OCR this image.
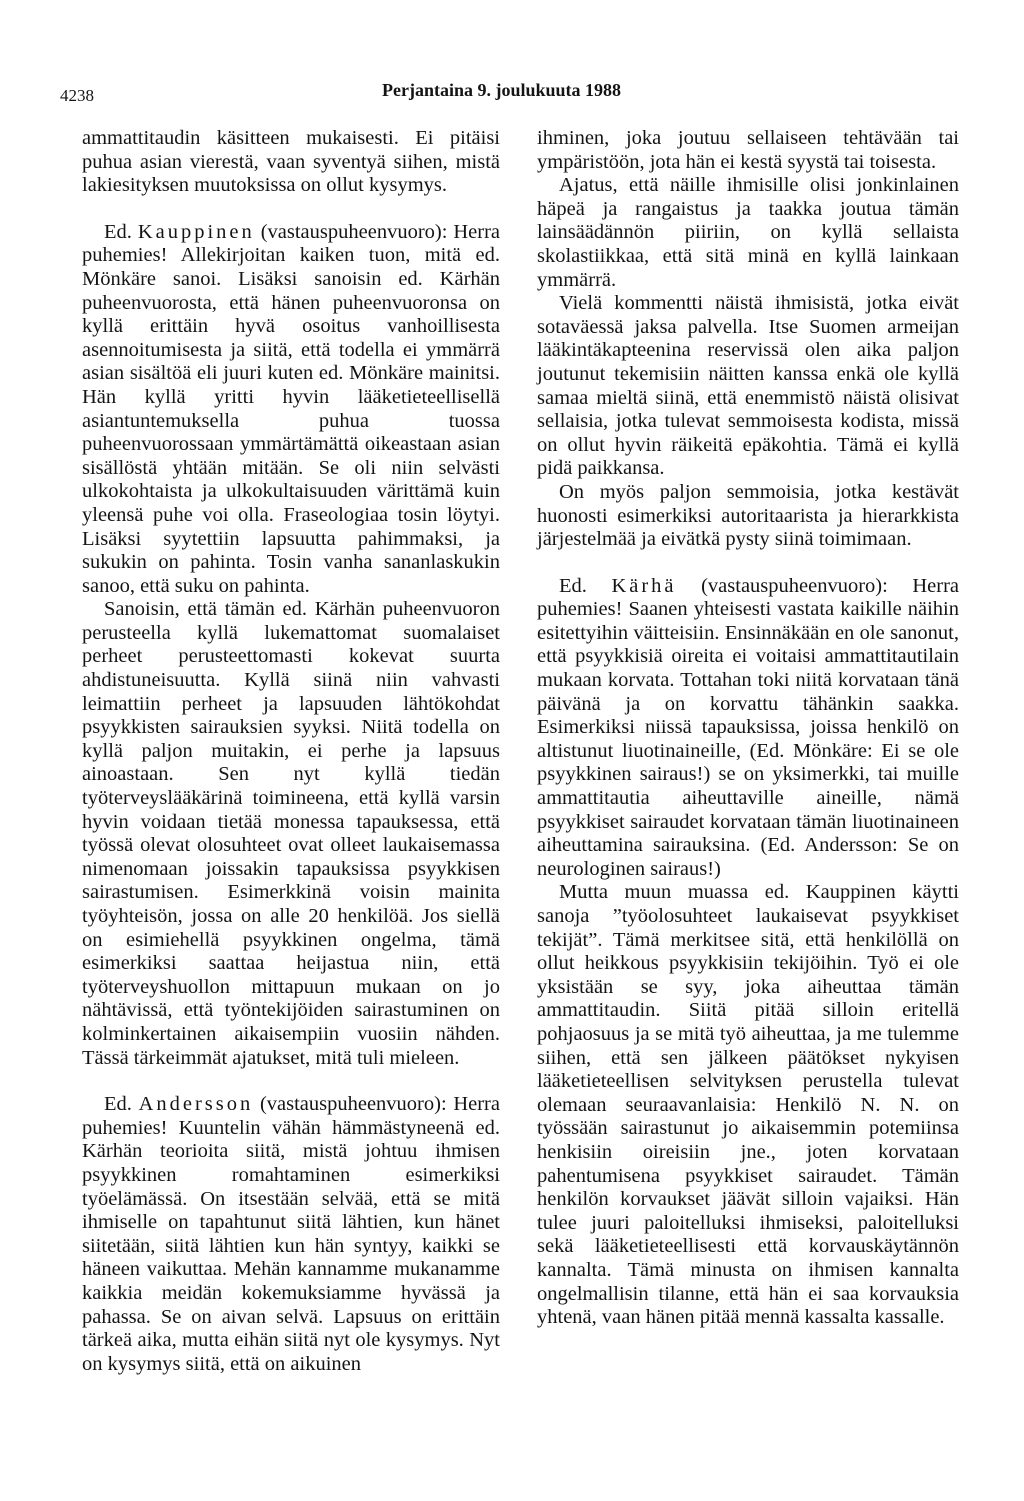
4238	Perjantaina 9. joulukuuta 1988

ammattitaudin käsitteen mukaisesti. Ei pitäisi puhua asian vierestä, vaan syventyä siihen, mistä lakiesityksen muutoksissa on ollut kysymys.

Ed. Kauppinen (vastauspuheenvuoro): Herra puhemies! Allekirjoitan kaiken tuon, mitä ed. Mönkäre sanoi. Lisäksi sanoisin ed. Kärhän puheenvuorosta, että hänen puheenvuoronsa on kyllä erittäin hyvä osoitus vanhoillisesta asennoitumisesta ja siitä, että todella ei ymmärrä asian sisältöä eli juuri kuten ed. Mönkäre mainitsi. Hän kyllä yritti hyvin lääketieteellisellä asiantuntemuksella puhua tuossa puheenvuorossaan ymmärtämättä oikeastaan asian sisällöstä yhtään mitään. Se oli niin selvästi ulkokohtaista ja ulkokultaisuuden värittämä kuin yleensä puhe voi olla. Fraseologiaa tosin löytyi. Lisäksi syytettiin lapsuutta pahimmaksi, ja sukukin on pahinta. Tosin vanha sananlaskukin sanoo, että suku on pahinta.

Sanoisin, että tämän ed. Kärhän puheenvuoron perusteella kyllä lukemattomat suomalaiset perheet perusteettomasti kokevat suurta ahdistuneisuutta. Kyllä siinä niin vahvasti leimattiin perheet ja lapsuuden lähtökohdat psyykkisten sairauksien syyksi. Niitä todella on kyllä paljon muitakin, ei perhe ja lapsuus ainoastaan. Sen nyt kyllä tiedän työterveyslääkärinä toimineena, että kyllä varsin hyvin voidaan tietää monessa tapauksessa, että työssä olevat olosuhteet ovat olleet laukaisemassa nimenomaan joissakin tapauksissa psyykkisen sairastumisen. Esimerkkinä voisin mainita työyhteisön, jossa on alle 20 henkilöä. Jos siellä on esimiehellä psyykkinen ongelma, tämä esimerkiksi saattaa heijastua niin, että työterveyshuollon mittapuun mukaan on jo nähtävissä, että työntekijöiden sairastuminen on kolminkertainen aikaisempiin vuosiin nähden. Tässä tärkeimmät ajatukset, mitä tuli mieleen.

Ed. Andersson (vastauspuheenvuoro): Herra puhemies! Kuuntelin vähän hämmästyneenä ed. Kärhän teorioita siitä, mistä johtuu ihmisen psyykkinen romahtaminen esimerkiksi työelämässä. On itsestään selvää, että se mitä ihmiselle on tapahtunut siitä lähtien, kun hänet siitetään, siitä lähtien kun hän syntyy, kaikki se häneen vaikuttaa. Mehän kannamme mukanamme kaikkia meidän kokemuksiamme hyvässä ja pahassa. Se on aivan selvä. Lapsuus on erittäin tärkeä aika, mutta eihän siitä nyt ole kysymys. Nyt on kysymys siitä, että on aikuinen

ihminen, joka joutuu sellaiseen tehtävään tai ympäristöön, jota hän ei kestä syystä tai toisesta.

Ajatus, että näille ihmisille olisi jonkinlainen häpeä ja rangaistus ja taakka joutua tämän lainsäädännön piiriin, on kyllä sellaista skolastiikkaa, että sitä minä en kyllä lainkaan ymmärrä.

Vielä kommentti näistä ihmisistä, jotka eivät sotaväessä jaksa palvella. Itse Suomen armeijan lääkintäkapteenina reservissä olen aika paljon joutunut tekemisiin näitten kanssa enkä ole kyllä samaa mieltä siinä, että enemmistö näistä olisivat sellaisia, jotka tulevat semmoisesta kodista, missä on ollut hyvin räikeitä epäkohtia. Tämä ei kyllä pidä paikkansa.

On myös paljon semmoisia, jotka kestävät huonosti esimerkiksi autoritaarista ja hierarkkista järjestelmää ja eivätkä pysty siinä toimimaan.

Ed. Kärhä (vastauspuheenvuoro): Herra puhemies! Saanen yhteisesti vastata kaikille näihin esitettyihin väitteisiin. Ensinnäkään en ole sanonut, että psyykkisiä oireita ei voitaisi ammattitautilain mukaan korvata. Tottahan toki niitä korvataan tänä päivänä ja on korvattu tähänkin saakka. Esimerkiksi niissä tapauksissa, joissa henkilö on altistunut liuotinaineille, (Ed. Mönkäre: Ei se ole psyykkinen sairaus!) se on yksimerkki, tai muille ammattitautia aiheuttaville aineille, nämä psyykkiset sairaudet korvataan tämän liuotinaineen aiheuttamina sairauksina. (Ed. Andersson: Se on neurologinen sairaus!)

Mutta muun muassa ed. Kauppinen käytti sanoja ”työolosuhteet laukaisevat psyykkiset tekijät”. Tämä merkitsee sitä, että henkilöllä on ollut heikkous psyykkisiin tekijöihin. Työ ei ole yksistään se syy, joka aiheuttaa tämän ammattitaudin. Siitä pitää silloin eritellä pohjaosuus ja se mitä työ aiheuttaa, ja me tulemme siihen, että sen jälkeen päätökset nykyisen lääketieteellisen selvityksen perustella tulevat olemaan seuraavanlaisia: Henkilö N. N. on työssään sairastunut jo aikaisemmin potemiinsa henkisiin oireisiin jne., joten korvataan pahentumisena psyykkiset sairaudet. Tämän henkilön korvaukset jäävät silloin vajaiksi. Hän tulee juuri paloitelluksi ihmiseksi, paloitelluksi sekä lääketieteellisesti että korvauskäytännön kannalta. Tämä minusta on ihmisen kannalta ongelmallisin tilanne, että hän ei saa korvauksia yhtenä, vaan hänen pitää mennä kassalta kassalle.
